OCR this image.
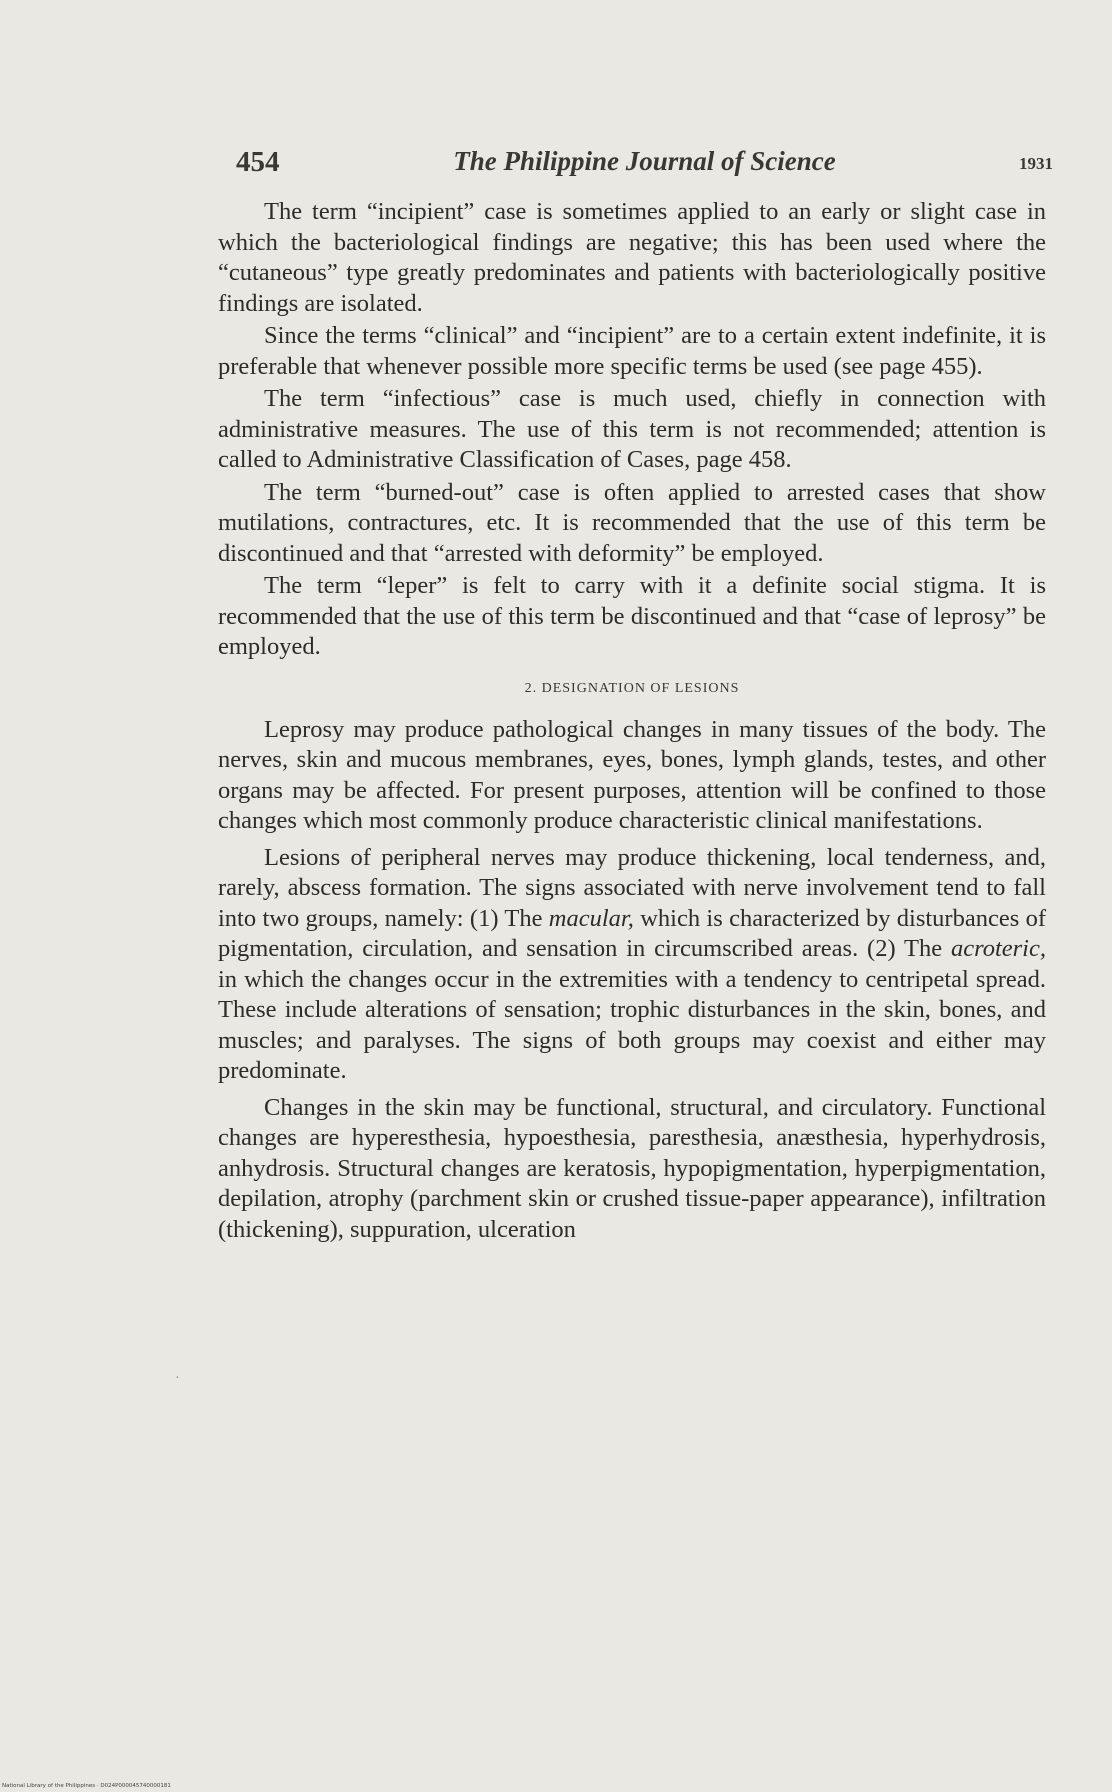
454	The Philippine Journal of Science	1931

The term “incipient” case is sometimes applied to an early or slight case in which the bacteriological findings are negative; this has been used where the “cutaneous” type greatly predominates and patients with bacteriologically positive findings are isolated.

Since the terms “clinical” and “incipient” are to a certain extent indefinite, it is preferable that whenever possible more specific terms be used (see page 455).

The term “infectious” case is much used, chiefly in connection with administrative measures. The use of this term is not recommended; attention is called to Administrative Classification of Cases, page 458.

The term “burned-out” case is often applied to arrested cases that show mutilations, contractures, etc. It is recommended that the use of this term be discontinued and that “arrested with deformity” be employed.

The term “leper” is felt to carry with it a definite social stigma. It is recommended that the use of this term be discontinued and that “case of leprosy” be employed.

2. DESIGNATION OF LESIONS

Leprosy may produce pathological changes in many tissues of the body. The nerves, skin and mucous membranes, eyes, bones, lymph glands, testes, and other organs may be affected. For present purposes, attention will be confined to those changes which most commonly produce characteristic clinical manifestations.

Lesions of peripheral nerves may produce thickening, local tenderness, and, rarely, abscess formation. The signs associated with nerve involvement tend to fall into two groups, namely: (1) The macular, which is characterized by disturbances of pigmentation, circulation, and sensation in circumscribed areas. (2) The acroteric, in which the changes occur in the extremities with a tendency to centripetal spread. These include alterations of sensation; trophic disturbances in the skin, bones, and muscles; and paralyses. The signs of both groups may coexist and either may predominate.

Changes in the skin may be functional, structural, and circulatory. Functional changes are hyperesthesia, hypoesthesia, paresthesia, anæsthesia, hyperhydrosis, anhydrosis. Structural changes are keratosis, hypopigmentation, hyperpigmentation, depilation, atrophy (parchment skin or crushed tissue-paper appearance), infiltration (thickening), suppuration, ulceration

·
National Library of the Philippines · D024P000045740000181
